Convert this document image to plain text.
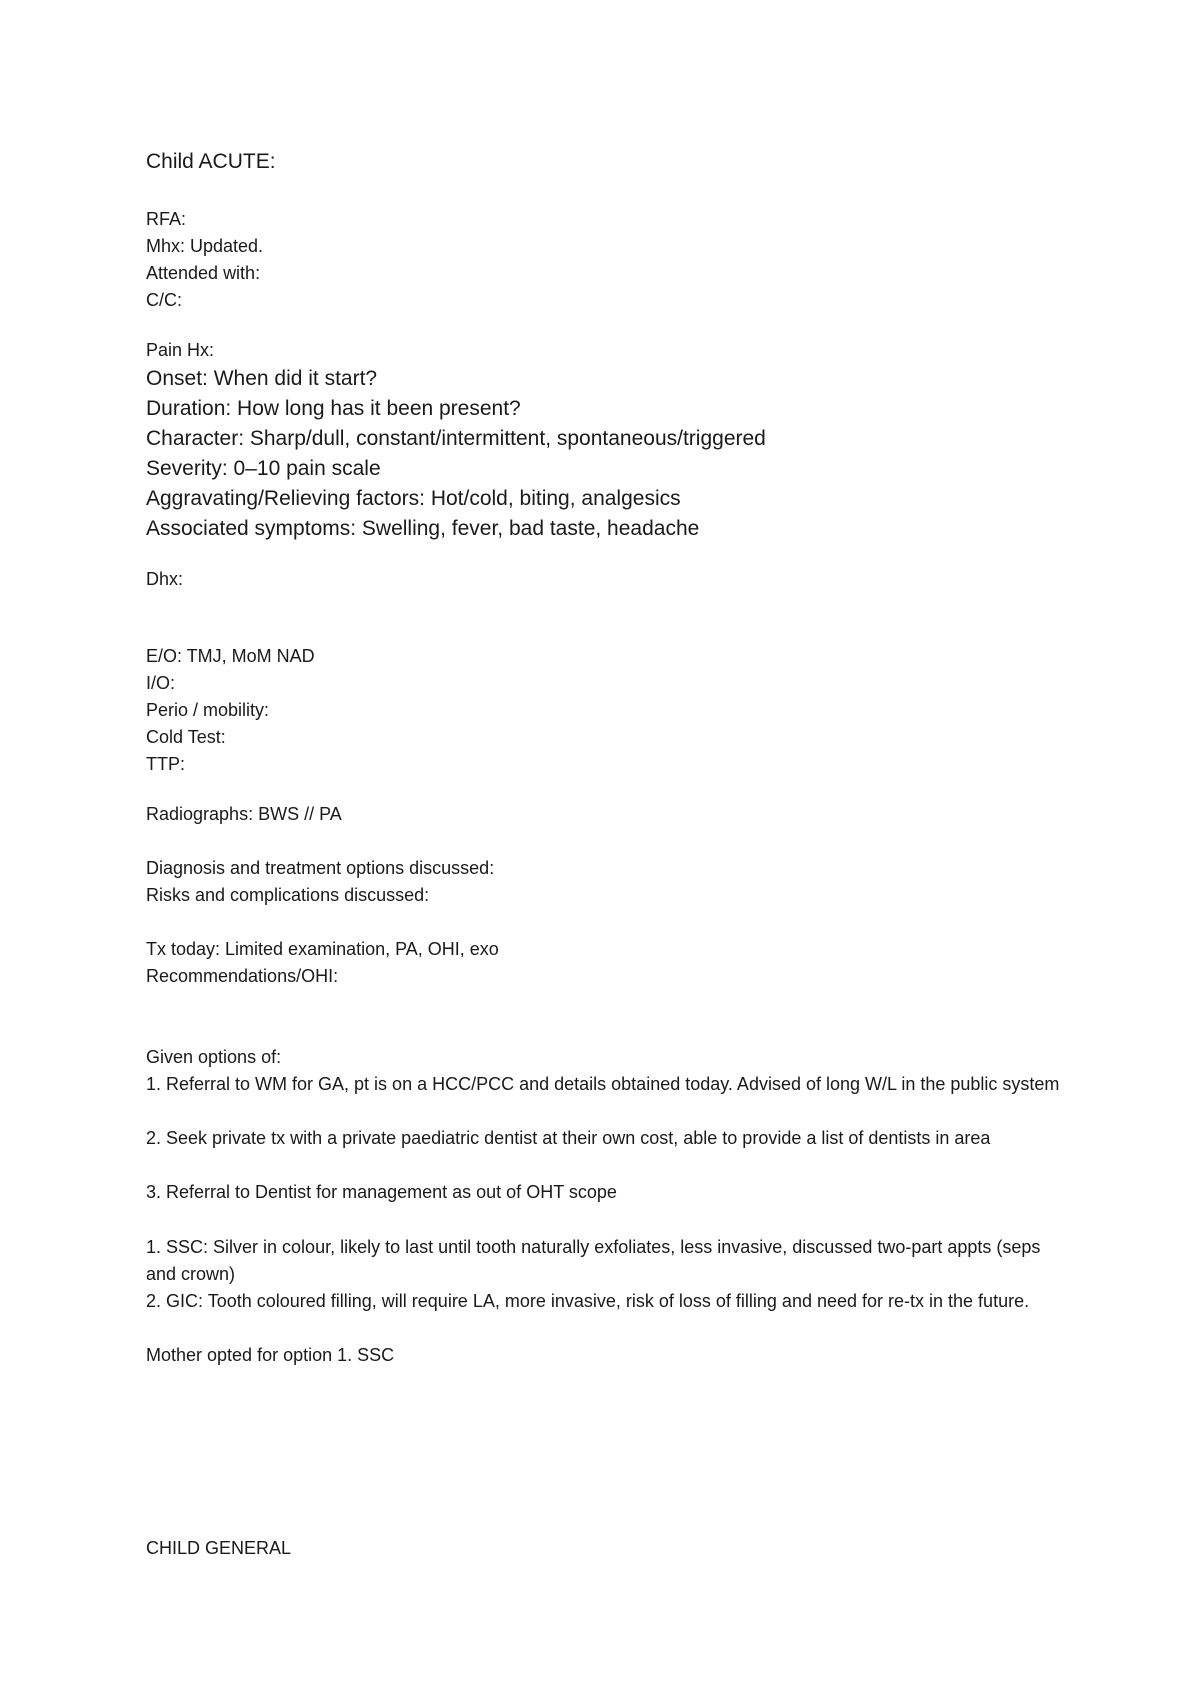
Child ACUTE:
RFA:
Mhx: Updated.
Attended with:
C/C:
Pain Hx:
Onset: When did it start?
Duration: How long has it been present?
Character: Sharp/dull, constant/intermittent, spontaneous/triggered
Severity: 0–10 pain scale
Aggravating/Relieving factors: Hot/cold, biting, analgesics
Associated symptoms: Swelling, fever, bad taste, headache
Dhx:
E/O: TMJ, MoM NAD
I/O:
Perio / mobility:
Cold Test:
TTP:
Radiographs: BWS // PA
Diagnosis and treatment options discussed:
Risks and complications discussed:
Tx today: Limited examination, PA, OHI, exo
Recommendations/OHI:
Given options of:
1. Referral to WM for GA, pt is on a HCC/PCC and details obtained today. Advised of long W/L in the public system
2. Seek private tx with a private paediatric dentist at their own cost, able to provide a list of dentists in area
3. Referral to Dentist for management as out of OHT scope
1. SSC: Silver in colour, likely to last until tooth naturally exfoliates, less invasive, discussed two-part appts (seps and crown)
2. GIC: Tooth coloured filling, will require LA, more invasive, risk of loss of filling and need for re-tx in the future.
Mother opted for option 1. SSC
CHILD GENERAL
